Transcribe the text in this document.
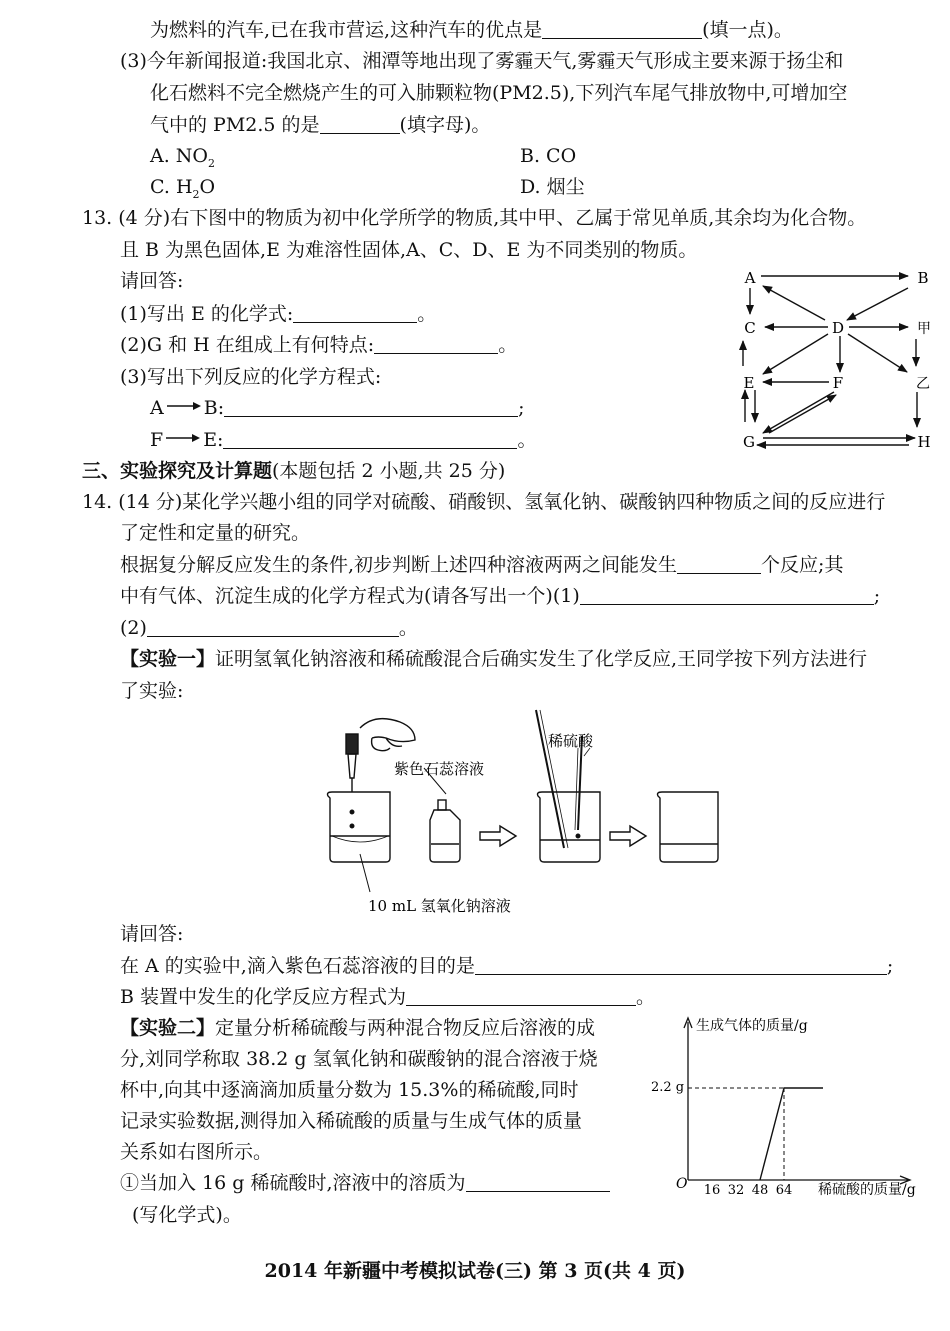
为燃料的汽车,已在我市营运,这种汽车的优点是	(填一点)。
(3)今年新闻报道:我国北京、湘潭等地出现了雾霾天气,雾霾天气形成主要来源于扬尘和
化石燃料不完全燃烧产生的可入肺颗粒物(PM2.5),下列汽车尾气排放物中,可增加空
气中的 PM2.5 的是	(填字母)。
A. $NO_2$	B. CO
C. $H_2O$	D. 烟尘
13. (4 分)右下图中的物质为初中化学所学的物质,其中甲、乙属于常见单质,其余均为化合物。
且 B 为黑色固体,E 为难溶性固体,A、C、D、E 为不同类别的物质。
请回答:
(1)写出 E 的化学式:	。
(2)G 和 H 在组成上有何特点:	。
(3)写出下列反应的化学方程式:
A B:	;
F E:	。
A	B
C	D	甲
E	F	乙
G	H
三、实验探究及计算题(本题包括 2 小题,共 25 分)
14. (14 分)某化学兴趣小组的同学对硫酸、硝酸钡、氢氧化钠、碳酸钠四种物质之间的反应进行
了定性和定量的研究。
根据复分解反应发生的条件,初步判断上述四种溶液两两之间能发生	个反应;其
中有气体、沉淀生成的化学方程式为(请各写出一个)(1)	;
(2)	。
【实验一】证明氢氧化钠溶液和稀硫酸混合后确实发生了化学反应,王同学按下列方法进行
了实验:
紫色石蕊溶液
稀硫酸
10 mL 氢氧化钠溶液
请回答:
在 A 的实验中,滴入紫色石蕊溶液的目的是	;
B 装置中发生的化学反应方程式为	。
【实验二】定量分析稀硫酸与两种混合物反应后溶液的成
分,刘同学称取 38.2 g 氢氧化钠和碳酸钠的混合溶液于烧
杯中,向其中逐滴滴加质量分数为 15.3%的稀硫酸,同时
记录实验数据,测得加入稀硫酸的质量与生成气体的质量
关系如右图所示。
①当加入 16 g 稀硫酸时,溶液中的溶质为
(写化学式)。
16 32 48 64
生成气体的质量/g
稀硫酸的质量/g
O
2.2 g
2014 年新疆中考模拟试卷(三) 第 3 页(共 4 页)
